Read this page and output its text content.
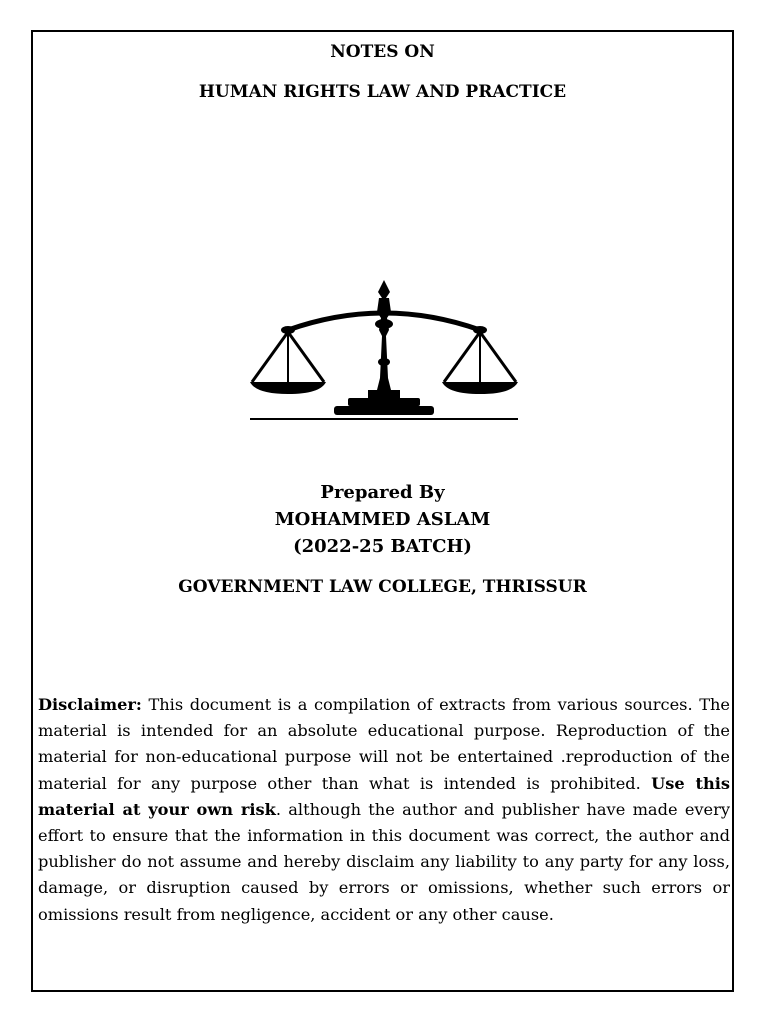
NOTES ON
HUMAN RIGHTS LAW AND PRACTICE
Prepared By
MOHAMMED ASLAM
(2022-25 BATCH)
GOVERNMENT LAW COLLEGE, THRISSUR
Disclaimer: This document is a compilation of extracts from various sources. The material is intended for an absolute educational purpose. Reproduction of the material for non-educational purpose will not be entertained .reproduction of the material for any purpose other than what is intended is prohibited. Use this material at your own risk. although the author and publisher have made every effort to ensure that the information in this document was correct, the author and publisher do not assume and hereby disclaim any liability to any party for any loss, damage, or disruption caused by errors or omissions, whether such errors or omissions result from negligence, accident or any other cause.
